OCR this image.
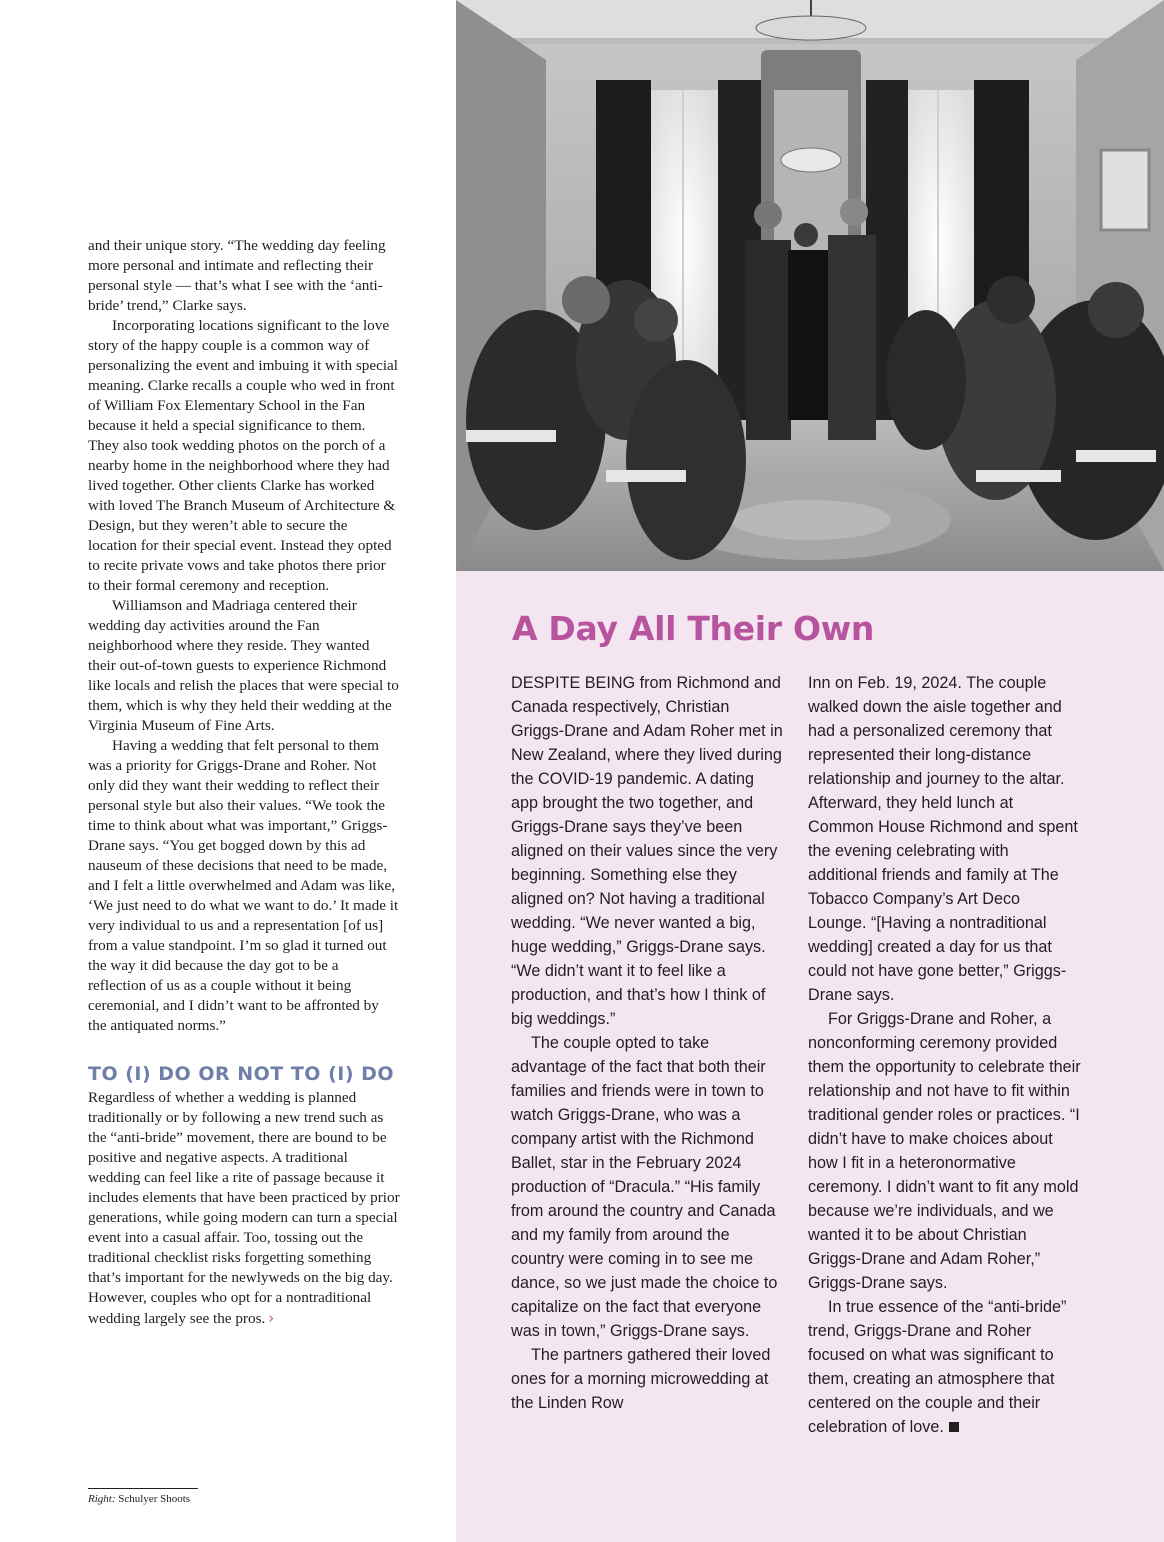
and their unique story. “The wedding day feeling more personal and intimate and reflecting their personal style — that’s what I see with the ‘anti-bride’ trend,” Clarke says.

Incorporating locations significant to the love story of the happy couple is a common way of personalizing the event and imbuing it with special meaning. Clarke recalls a couple who wed in front of William Fox Elementary School in the Fan because it held a special significance to them. They also took wedding photos on the porch of a nearby home in the neighborhood where they had lived together. Other clients Clarke has worked with loved The Branch Museum of Architecture & Design, but they weren’t able to secure the location for their special event. Instead they opted to recite private vows and take photos there prior to their formal ceremony and reception.

Williamson and Madriaga centered their wedding day activities around the Fan neighborhood where they reside. They wanted their out-of-town guests to experience Richmond like locals and relish the places that were special to them, which is why they held their wedding at the Virginia Museum of Fine Arts.

Having a wedding that felt personal to them was a priority for Griggs-Drane and Roher. Not only did they want their wedding to reflect their personal style but also their values. “We took the time to think about what was important,” Griggs-Drane says. “You get bogged down by this ad nauseum of these decisions that need to be made, and I felt a little overwhelmed and Adam was like, ‘We just need to do what we want to do.’ It made it very individual to us and a representation [of us] from a value standpoint. I’m so glad it turned out the way it did because the day got to be a reflection of us as a couple without it being ceremonial, and I didn’t want to be affronted by the antiquated norms.”

TO (I) DO OR NOT TO (I) DO

Regardless of whether a wedding is planned traditionally or by following a new trend such as the “anti-bride” movement, there are bound to be positive and negative aspects. A traditional wedding can feel like a rite of passage because it includes elements that have been practiced by prior generations, while going modern can turn a special event into a casual affair. Too, tossing out the traditional checklist risks forgetting something that’s important for the newlyweds on the big day. However, couples who opt for a nontraditional wedding largely see the pros. ›

Right: Schulyer Shoots
A Day All Their Own

DESPITE BEING from Richmond and Canada respectively, Christian Griggs-Drane and Adam Roher met in New Zealand, where they lived during the COVID-19 pandemic. A dating app brought the two together, and Griggs-Drane says they’ve been aligned on their values since the very beginning. Something else they aligned on? Not having a traditional wedding. “We never wanted a big, huge wedding,” Griggs-Drane says. “We didn’t want it to feel like a production, and that’s how I think of big weddings.”

The couple opted to take advantage of the fact that both their families and friends were in town to watch Griggs-Drane, who was a company artist with the Richmond Ballet, star in the February 2024 production of “Dracula.” “His family from around the country and Canada and my family from around the country were coming in to see me dance, so we just made the choice to capitalize on the fact that everyone was in town,” Griggs-Drane says.

The partners gathered their loved ones for a morning microwedding at the Linden Row

Inn on Feb. 19, 2024. The couple walked down the aisle together and had a personalized ceremony that represented their long-distance relationship and journey to the altar. Afterward, they held lunch at Common House Richmond and spent the evening celebrating with additional friends and family at The Tobacco Company’s Art Deco Lounge. “[Having a nontraditional wedding] created a day for us that could not have gone better,” Griggs-Drane says.

For Griggs-Drane and Roher, a nonconforming ceremony provided them the opportunity to celebrate their relationship and not have to fit within traditional gender roles or practices. “I didn’t have to make choices about how I fit in a heteronormative ceremony. I didn’t want to fit any mold because we’re individuals, and we wanted it to be about Christian Griggs-Drane and Adam Roher,” Griggs-Drane says.

In true essence of the “anti-bride” trend, Griggs-Drane and Roher focused on what was significant to them, creating an atmosphere that centered on the couple and their celebration of love.
